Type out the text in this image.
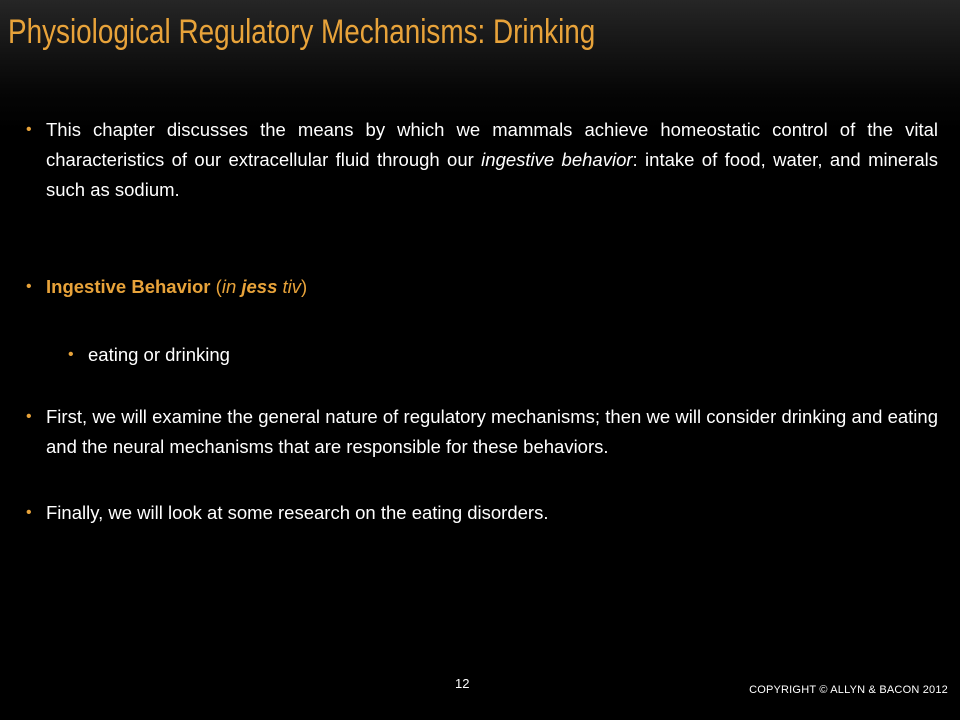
Physiological Regulatory Mechanisms: Drinking

• This chapter discusses the means by which we mammals achieve homeostatic control of the vital characteristics of our extracellular fluid through our ingestive behavior: intake of food, water, and minerals such as sodium.

• Ingestive Behavior (in jess tiv)

• eating or drinking

• First, we will examine the general nature of regulatory mechanisms; then we will consider drinking and eating and the neural mechanisms that are responsible for these behaviors.

• Finally, we will look at some research on the eating disorders.

12	COPYRIGHT © ALLYN & BACON 2012
